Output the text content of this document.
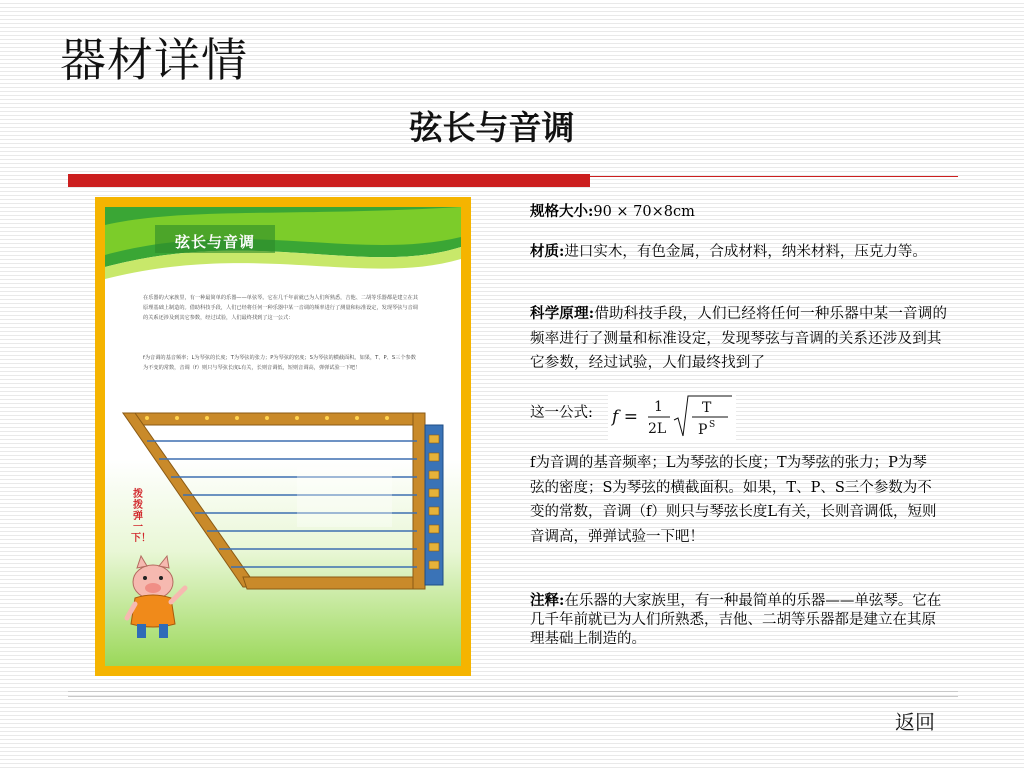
器材详情
弦长与音调
弦长与音调
在乐器的大家族里，有一种最简单的乐器——单弦琴。它在几千年前就已为人们所熟悉，吉他、二胡等乐器都是建立在其原理基础上制造的。借助科技手段，人们已经将任何一种乐器中某一音调的频率进行了测量和标准设定，发现琴弦与音调的关系还涉及到其它参数，经过试验，人们最终找到了这一公式：
f为音调的基音频率；L为琴弦的长度；T为琴弦的张力；P为琴弦的密度；S为琴弦的横截面积。如果，T、P、S三个参数为不变的常数，音调（f）则只与琴弦长度L有关，长则音调低，短则音调高，弹弹试验一下吧！
拨拨弹一下！

规格大小:90 × 70×8cm

材质:进口实木，有色金属，合成材料，纳米材料，压克力等。

科学原理:借助科技手段，人们已经将任何一种乐器中某一音调的频率进行了测量和标准设定，发现琴弦与音调的关系还涉及到其它参数，经过试验，人们最终找到了

这一公式: f = 1
2L
T
P S

f为音调的基音频率；L为琴弦的长度；T为琴弦的张力；P为琴弦的密度；S为琴弦的横截面积。如果，T、P、S三个参数为不变的常数，音调（f）则只与琴弦长度L有关，长则音调低，短则音调高，弹弹试验一下吧！

注释:在乐器的大家族里，有一种最简单的乐器——单弦琴。它在几千年前就已为人们所熟悉，吉他、二胡等乐器都是建立在其原理基础上制造的。

返回
